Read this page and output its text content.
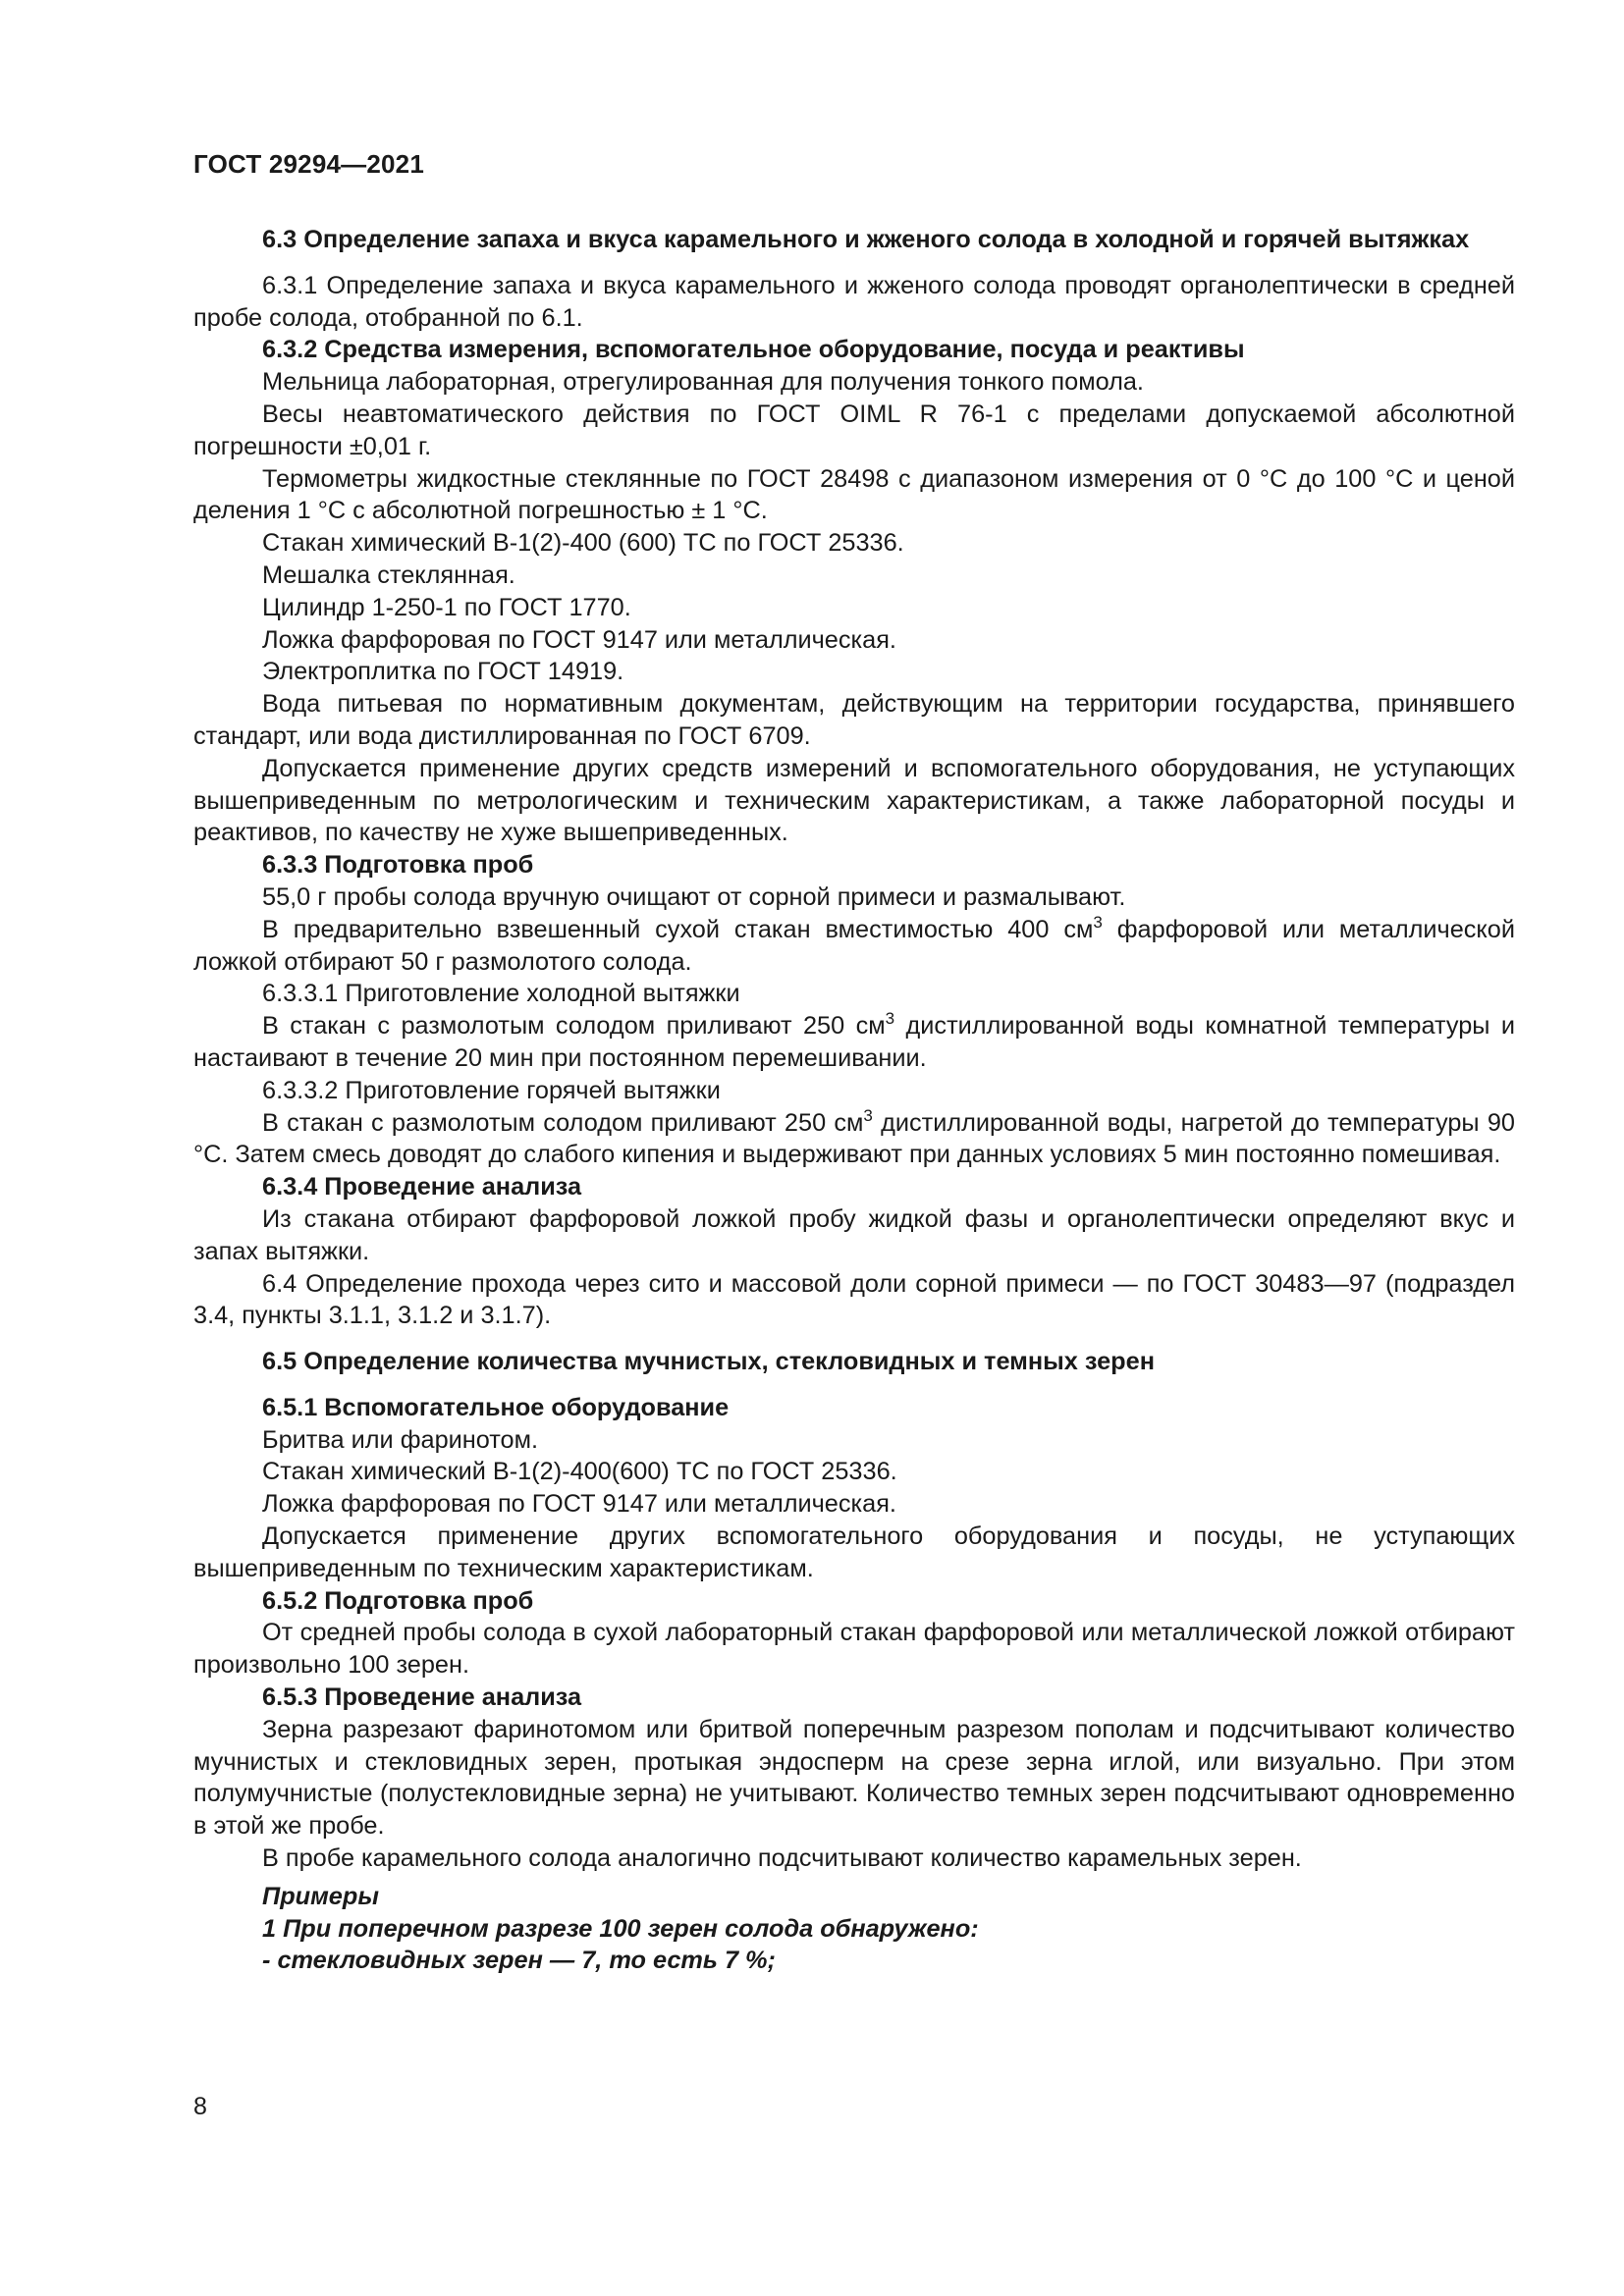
ГОСТ 29294—2021

6.3 Определение запаха и вкуса карамельного и жженого солода в холодной и горячей вытяжках

6.3.1 Определение запаха и вкуса карамельного и жженого солода проводят органолептически в средней пробе солода, отобранной по 6.1.

6.3.2 Средства измерения, вспомогательное оборудование, посуда и реактивы

Мельница лабораторная, отрегулированная для получения тонкого помола.

Весы неавтоматического действия по ГОСТ OIML R 76-1 с пределами допускаемой абсолютной погрешности ±0,01 г.

Термометры жидкостные стеклянные по ГОСТ 28498 с диапазоном измерения от 0 °С до 100 °С и ценой деления 1 °С с абсолютной погрешностью ± 1 °С.

Стакан химический В-1(2)-400 (600) ТС по ГОСТ 25336.

Мешалка стеклянная.

Цилиндр 1-250-1 по ГОСТ 1770.

Ложка фарфоровая по ГОСТ 9147 или металлическая.

Электроплитка по ГОСТ 14919.

Вода питьевая по нормативным документам, действующим на территории государства, принявшего стандарт, или вода дистиллированная по ГОСТ 6709.

Допускается применение других средств измерений и вспомогательного оборудования, не уступающих вышеприведенным по метрологическим и техническим характеристикам, а также лабораторной посуды и реактивов, по качеству не хуже вышеприведенных.

6.3.3 Подготовка проб

55,0 г пробы солода вручную очищают от сорной примеси и размалывают.

В предварительно взвешенный сухой стакан вместимостью 400 $см^3$ фарфоровой или металлической ложкой отбирают 50 г размолотого солода.

6.3.3.1 Приготовление холодной вытяжки

В стакан с размолотым солодом приливают 250 $см^3$ дистиллированной воды комнатной температуры и настаивают в течение 20 мин при постоянном перемешивании.

6.3.3.2 Приготовление горячей вытяжки

В стакан с размолотым солодом приливают 250 $см^3$ дистиллированной воды, нагретой до температуры 90 °С. Затем смесь доводят до слабого кипения и выдерживают при данных условиях 5 мин постоянно помешивая.

6.3.4 Проведение анализа

Из стакана отбирают фарфоровой ложкой пробу жидкой фазы и органолептически определяют вкус и запах вытяжки.

6.4 Определение прохода через сито и массовой доли сорной примеси — по ГОСТ 30483—97 (подраздел 3.4, пункты 3.1.1, 3.1.2 и 3.1.7).

6.5 Определение количества мучнистых, стекловидных и темных зерен

6.5.1 Вспомогательное оборудование

Бритва или фаринотом.

Стакан химический В-1(2)-400(600) ТС по ГОСТ 25336.

Ложка фарфоровая по ГОСТ 9147 или металлическая.

Допускается применение других вспомогательного оборудования и посуды, не уступающих вышеприведенным по техническим характеристикам.

6.5.2 Подготовка проб

От средней пробы солода в сухой лабораторный стакан фарфоровой или металлической ложкой отбирают произвольно 100 зерен.

6.5.3 Проведение анализа

Зерна разрезают фаринотомом или бритвой поперечным разрезом пополам и подсчитывают количество мучнистых и стекловидных зерен, протыкая эндосперм на срезе зерна иглой, или визуально. При этом полумучнистые (полустекловидные зерна) не учитывают. Количество темных зерен подсчитывают одновременно в этой же пробе.

В пробе карамельного солода аналогично подсчитывают количество карамельных зерен.

Примеры

1 При поперечном разрезе 100 зерен солода обнаружено:

- стекловидных зерен — 7, то есть 7 %;

8
